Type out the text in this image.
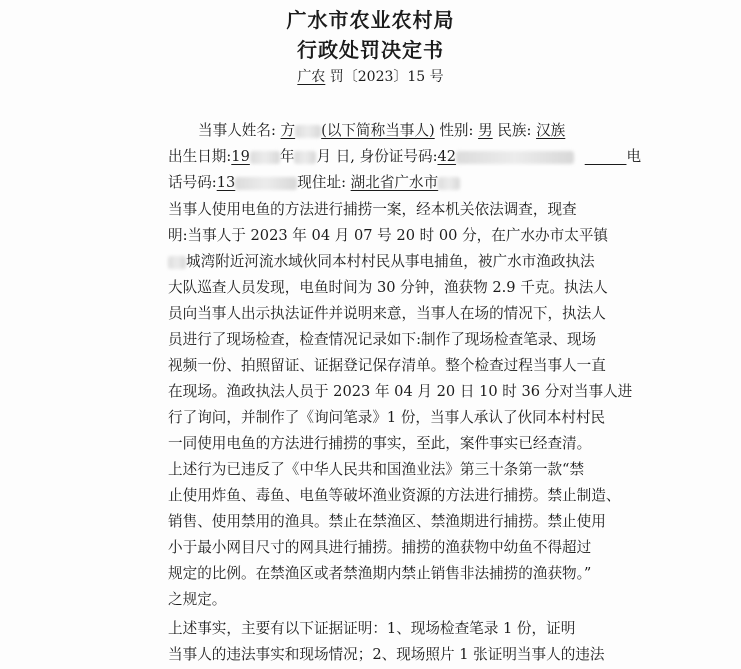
广水市农业农村局
行政处罚决定书
广农 罚〔2023〕15 号
当事人姓名: 方 (以下简称当事人) 性别: 男 民族: 汉族
出生日期:19 年 月 日, 身份证号码:42	电
话号码:13	现住址: 湖北省广水市
当事人使用电鱼的方法进行捕捞一案，经本机关依法调查，现查
明:当事人于 2023 年 04 月 07 号 20 时 00 分，在广水办市太平镇
城湾附近河流水域伙同本村村民从事电捕鱼，被广水市渔政执法
大队巡查人员发现，电鱼时间为 30 分钟，渔获物 2.9 千克。执法人
员向当事人出示执法证件并说明来意，当事人在场的情况下，执法人
员进行了现场检查，检查情况记录如下:制作了现场检查笔录、现场
视频一份、拍照留证、证据登记保存清单。整个检查过程当事人一直
在现场。渔政执法人员于 2023 年 04 月 20 日 10 时 36 分对当事人进
行了询问，并制作了《询问笔录》1 份，当事人承认了伙同本村村民
一同使用电鱼的方法进行捕捞的事实，至此，案件事实已经查清。
上述行为已违反了《中华人民共和国渔业法》第三十条第一款“禁
止使用炸鱼、毒鱼、电鱼等破坏渔业资源的方法进行捕捞。禁止制造、
销售、使用禁用的渔具。禁止在禁渔区、禁渔期进行捕捞。禁止使用
小于最小网目尺寸的网具进行捕捞。捕捞的渔获物中幼鱼不得超过
规定的比例。在禁渔区或者禁渔期内禁止销售非法捕捞的渔获物。”
之规定。
上述事实，主要有以下证据证明：1、现场检查笔录 1 份，证明
当事人的违法事实和现场情况；2、现场照片 1 张证明当事人的违法
